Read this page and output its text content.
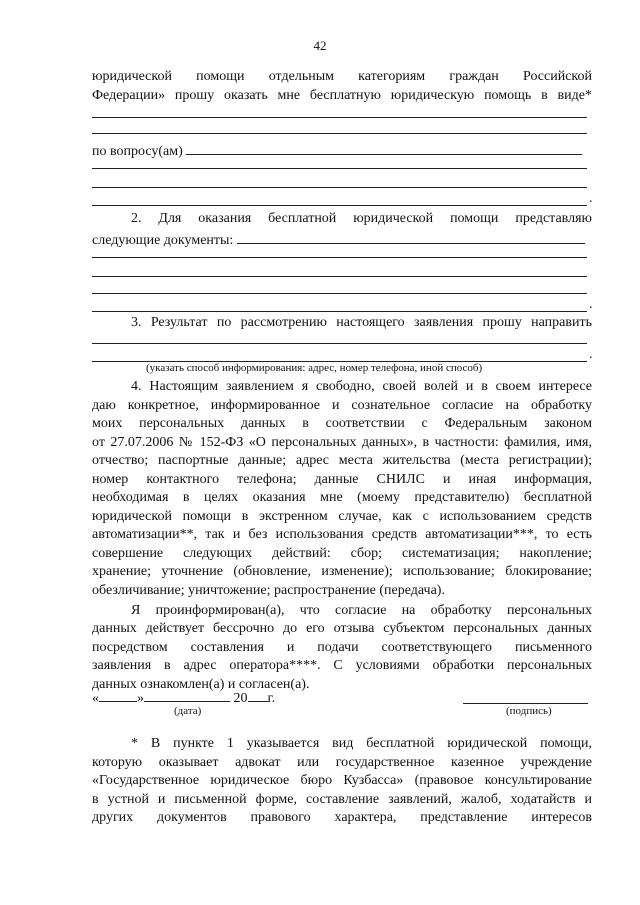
42
юридической помощи отдельным категориям граждан Российской
Федерации» прошу оказать мне бесплатную юридическую помощь в виде*
по вопросу(ам)
.
2. Для оказания бесплатной юридической помощи представляю
следующие документы:
.
3. Результат по рассмотрению настоящего заявления прошу направить
.
(указать способ информирования: адрес, номер телефона, иной способ)
4. Настоящим заявлением я свободно, своей волей и в своем интересе
даю конкретное, информированное и сознательное согласие на обработку
моих персональных данных в соответствии с Федеральным законом
от 27.07.2006 № 152-ФЗ «О персональных данных», в частности: фамилия, имя,
отчество; паспортные данные; адрес места жительства (места регистрации);
номер контактного телефона; данные СНИЛС и иная информация,
необходимая в целях оказания мне (моему представителю) бесплатной
юридической помощи в экстренном случае, как с использованием средств
автоматизации**, так и без использования средств автоматизации***, то есть
совершение следующих действий: сбор; систематизация; накопление;
хранение; уточнение (обновление, изменение); использование; блокирование;
обезличивание; уничтожение; распространение (передача).
Я проинформирован(а), что согласие на обработку персональных
данных действует бессрочно до его отзыва субъектом персональных данных
посредством составления и подачи соответствующего письменного
заявления в адрес оператора****. С условиями обработки персональных
данных ознакомлен(а) и согласен(а).
«	»	20 г.
(дата)	(подпись)
* В пункте 1 указывается вид бесплатной юридической помощи,
которую оказывает адвокат или государственное казенное учреждение
«Государственное юридическое бюро Кузбасса» (правовое консультирование
в устной и письменной форме, составление заявлений, жалоб, ходатайств и
других документов правового характера, представление интересов
